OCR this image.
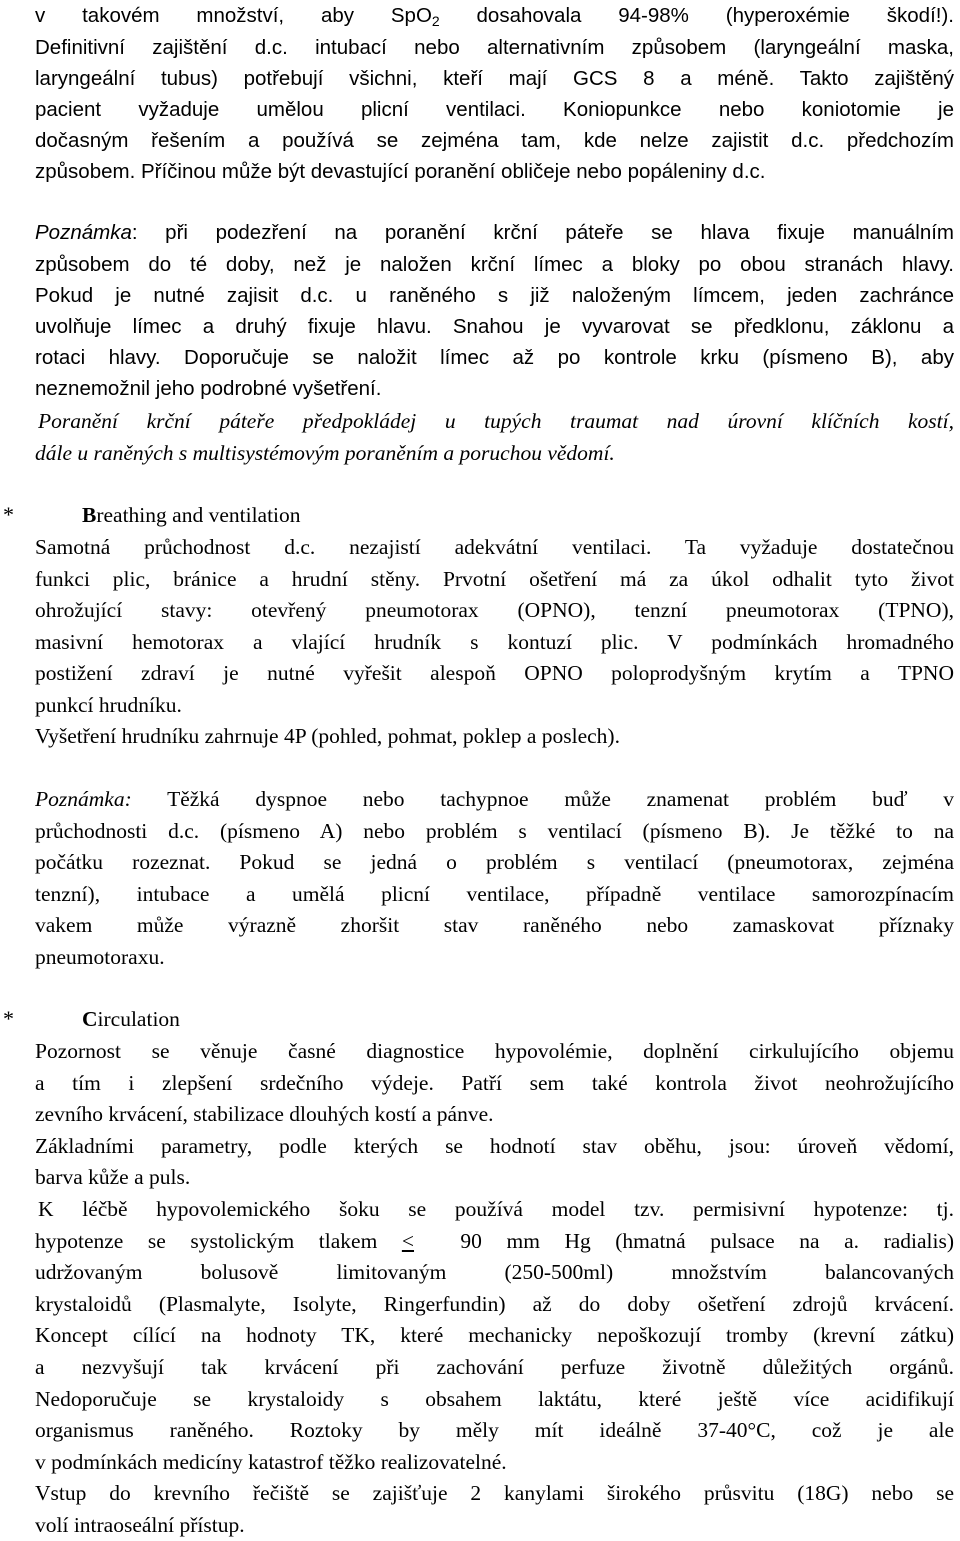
v takovém množství, aby SpO$_2$ dosahovala 94-98% (hyperoxémie škodí!).
Definitivní zajištění d.c. intubací nebo alternativním způsobem (laryngeální maska,
laryngeální tubus) potřebují všichni, kteří mají GCS 8 a méně. Takto zajištěný
pacient vyžaduje umělou plicní ventilaci. Koniopunkce nebo koniotomie je
dočasným řešením a používá se zejména tam, kde nelze zajistit d.c. předchozím
způsobem. Příčinou může být devastující poranění obličeje nebo popáleniny d.c.
Poznámka: při podezření na poranění krční páteře se hlava fixuje manuálním
způsobem do té doby, než je naložen krční límec a bloky po obou stranách hlavy.
Pokud je nutné zajisit d.c. u raněného s již naloženým límcem, jeden zachránce
uvolňuje límec a druhý fixuje hlavu. Snahou je vyvarovat se předklonu, záklonu a
rotaci hlavy. Doporučuje se naložit límec až po kontrole krku (písmeno B), aby
neznemožnil jeho podrobné vyšetření.
Poranění krční páteře předpokládej u tupých traumat nad úrovní klíčních kostí,
dále u raněných s multisystémovým poraněním a poruchou vědomí.
*	Breathing and ventilation
Samotná průchodnost d.c. nezajistí adekvátní ventilaci. Ta vyžaduje dostatečnou
funkci plic, bránice a hrudní stěny. Prvotní ošetření má za úkol odhalit tyto život
ohrožující stavy: otevřený pneumotorax (OPNO), tenzní pneumotorax (TPNO),
masivní hemotorax a vlající hrudník s kontuzí plic. V podmínkách hromadného
postižení zdraví je nutné vyřešit alespoň OPNO poloprodyšným krytím a TPNO
punkcí hrudníku.
Vyšetření hrudníku zahrnuje 4P (pohled, pohmat, poklep a poslech).
Poznámka: Těžká dyspnoe nebo tachypnoe může znamenat problém buď v
průchodnosti d.c. (písmeno A) nebo problém s ventilací (písmeno B). Je těžké to na
počátku rozeznat. Pokud se jedná o problém s ventilací (pneumotorax, zejména
tenzní), intubace a umělá plicní ventilace, případně ventilace samorozpínacím
vakem může výrazně zhoršit stav raněného nebo zamaskovat příznaky
pneumotoraxu.
*	Circulation
Pozornost se věnuje časné diagnostice hypovolémie, doplnění cirkulujícího objemu
a tím i zlepšení srdečního výdeje. Patří sem také kontrola život neohrožujícího
zevního krvácení, stabilizace dlouhých kostí a pánve.
Základními parametry, podle kterých se hodnotí stav oběhu, jsou: úroveň vědomí,
barva kůže a puls.
K léčbě hypovolemického šoku se používá model tzv. permisivní hypotenze: tj.
hypotenze se systolickým tlakem ≤ 90 mm Hg (hmatná pulsace na a. radialis)
udržovaným bolusově limitovaným (250-500ml) množstvím balancovaných
krystaloidů (Plasmalyte, Isolyte, Ringerfundin) až do doby ošetření zdrojů krvácení.
Koncept cílící na hodnoty TK, které mechanicky nepoškozují tromby (krevní zátku)
a nezvyšují tak krvácení při zachování perfuze životně důležitých orgánů.
Nedoporučuje se krystaloidy s obsahem laktátu, které ještě více acidifikují
organismus raněného. Roztoky by měly mít ideálně 37-40°C, což je ale
v podmínkách medicíny katastrof těžko realizovatelné.
Vstup do krevního řečiště se zajišťuje 2 kanylami širokého průsvitu (18G) nebo se
volí intraoseální přístup.
